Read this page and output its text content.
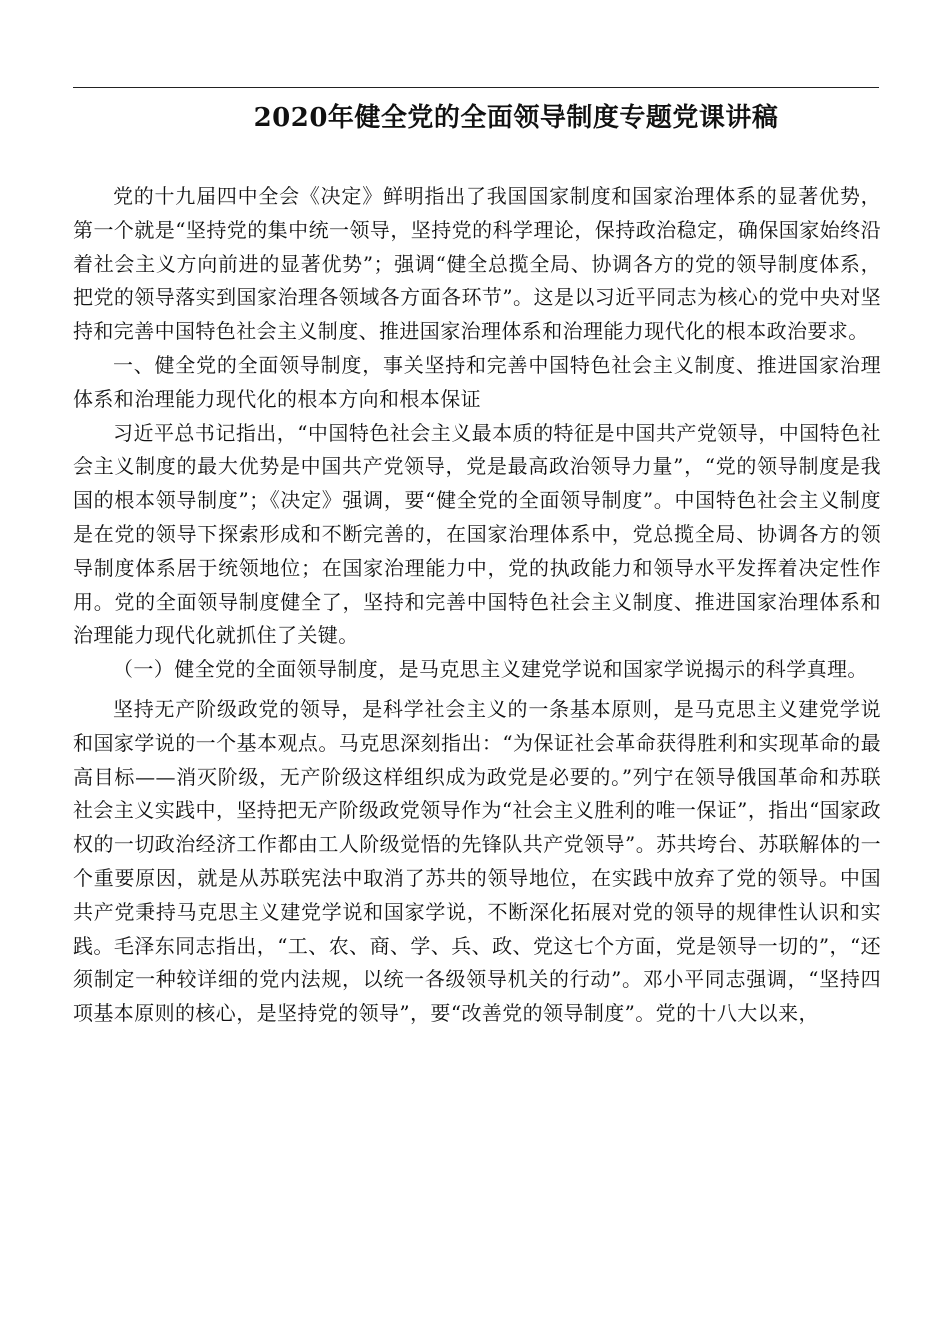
2020年健全党的全面领导制度专题党课讲稿

党的十九届四中全会《决定》鲜明指出了我国国家制度和国家治理体系的显著优势，第一个就是“坚持党的集中统一领导，坚持党的科学理论，保持政治稳定，确保国家始终沿着社会主义方向前进的显著优势”；强调“健全总揽全局、协调各方的党的领导制度体系，把党的领导落实到国家治理各领域各方面各环节”。这是以习近平同志为核心的党中央对坚持和完善中国特色社会主义制度、推进国家治理体系和治理能力现代化的根本政治要求。

一、健全党的全面领导制度，事关坚持和完善中国特色社会主义制度、推进国家治理体系和治理能力现代化的根本方向和根本保证

习近平总书记指出，“中国特色社会主义最本质的特征是中国共产党领导，中国特色社会主义制度的最大优势是中国共产党领导，党是最高政治领导力量”，“党的领导制度是我国的根本领导制度”；《决定》强调，要“健全党的全面领导制度”。中国特色社会主义制度是在党的领导下探索形成和不断完善的，在国家治理体系中，党总揽全局、协调各方的领导制度体系居于统领地位；在国家治理能力中，党的执政能力和领导水平发挥着决定性作用。党的全面领导制度健全了，坚持和完善中国特色社会主义制度、推进国家治理体系和治理能力现代化就抓住了关键。

（一）健全党的全面领导制度，是马克思主义建党学说和国家学说揭示的科学真理。

坚持无产阶级政党的领导，是科学社会主义的一条基本原则，是马克思主义建党学说和国家学说的一个基本观点。马克思深刻指出：“为保证社会革命获得胜利和实现革命的最高目标——消灭阶级，无产阶级这样组织成为政党是必要的。”列宁在领导俄国革命和苏联社会主义实践中，坚持把无产阶级政党领导作为“社会主义胜利的唯一保证”，指出“国家政权的一切政治经济工作都由工人阶级觉悟的先锋队共产党领导”。苏共垮台、苏联解体的一个重要原因，就是从苏联宪法中取消了苏共的领导地位，在实践中放弃了党的领导。中国共产党秉持马克思主义建党学说和国家学说，不断深化拓展对党的领导的规律性认识和实践。毛泽东同志指出，“工、农、商、学、兵、政、党这七个方面，党是领导一切的”，“还须制定一种较详细的党内法规，以统一各级领导机关的行动”。邓小平同志强调，“坚持四项基本原则的核心，是坚持党的领导”，要“改善党的领导制度”。党的十八大以来，
